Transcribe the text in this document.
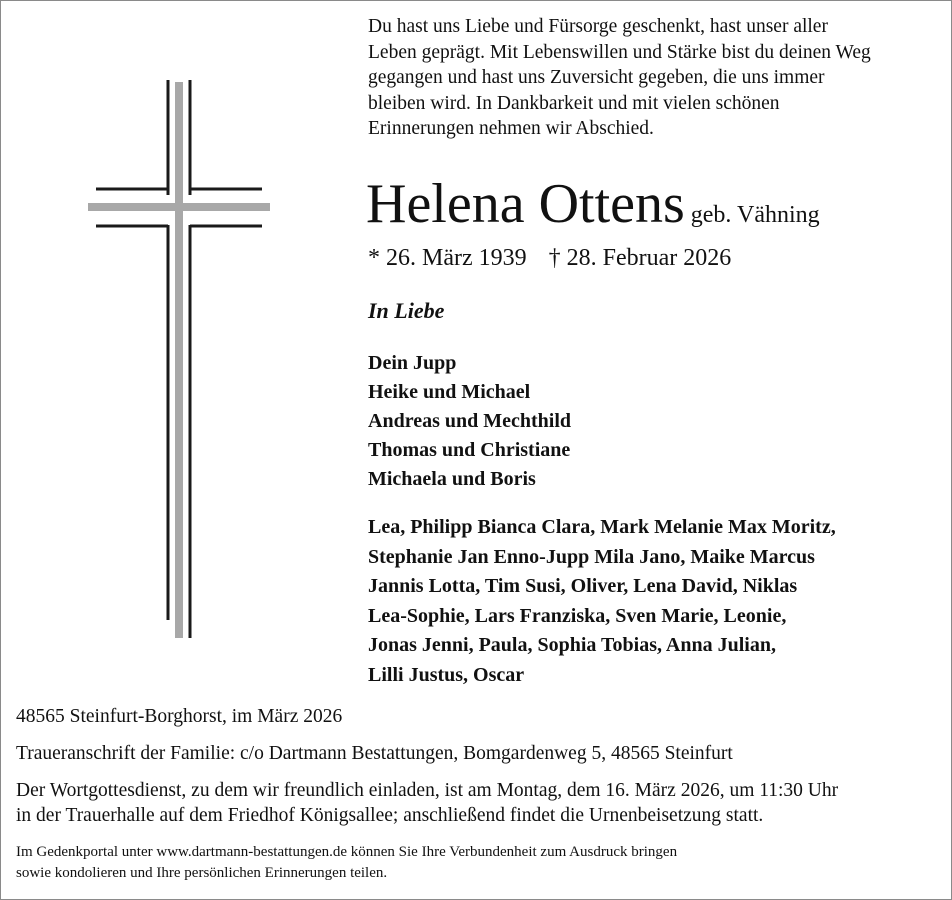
Du hast uns Liebe und Fürsorge geschenkt, hast unser aller
Leben geprägt. Mit Lebenswillen und Stärke bist du deinen Weg
gegangen und hast uns Zuversicht gegeben, die uns immer
bleiben wird. In Dankbarkeit und mit vielen schönen
Erinnerungen nehmen wir Abschied.
Helena Ottens geb. Vähning
* 26. März 1939 † 28. Februar 2026
In Liebe
Dein Jupp
Heike und Michael
Andreas und Mechthild
Thomas und Christiane
Michaela und Boris
Lea, Philipp Bianca Clara, Mark Melanie Max Moritz,
Stephanie Jan Enno-Jupp Mila Jano, Maike Marcus
Jannis Lotta, Tim Susi, Oliver, Lena David, Niklas
Lea-Sophie, Lars Franziska, Sven Marie, Leonie,
Jonas Jenni, Paula, Sophia Tobias, Anna Julian,
Lilli Justus, Oscar
48565 Steinfurt-Borghorst, im März 2026
Traueranschrift der Familie: c/o Dartmann Bestattungen, Bomgardenweg 5, 48565 Steinfurt
Der Wortgottesdienst, zu dem wir freundlich einladen, ist am Montag, dem 16. März 2026, um 11:30 Uhr
in der Trauerhalle auf dem Friedhof Königsallee; anschließend findet die Urnenbeisetzung statt.
Im Gedenkportal unter www.dartmann-bestattungen.de können Sie Ihre Verbundenheit zum Ausdruck bringen
sowie kondolieren und Ihre persönlichen Erinnerungen teilen.
